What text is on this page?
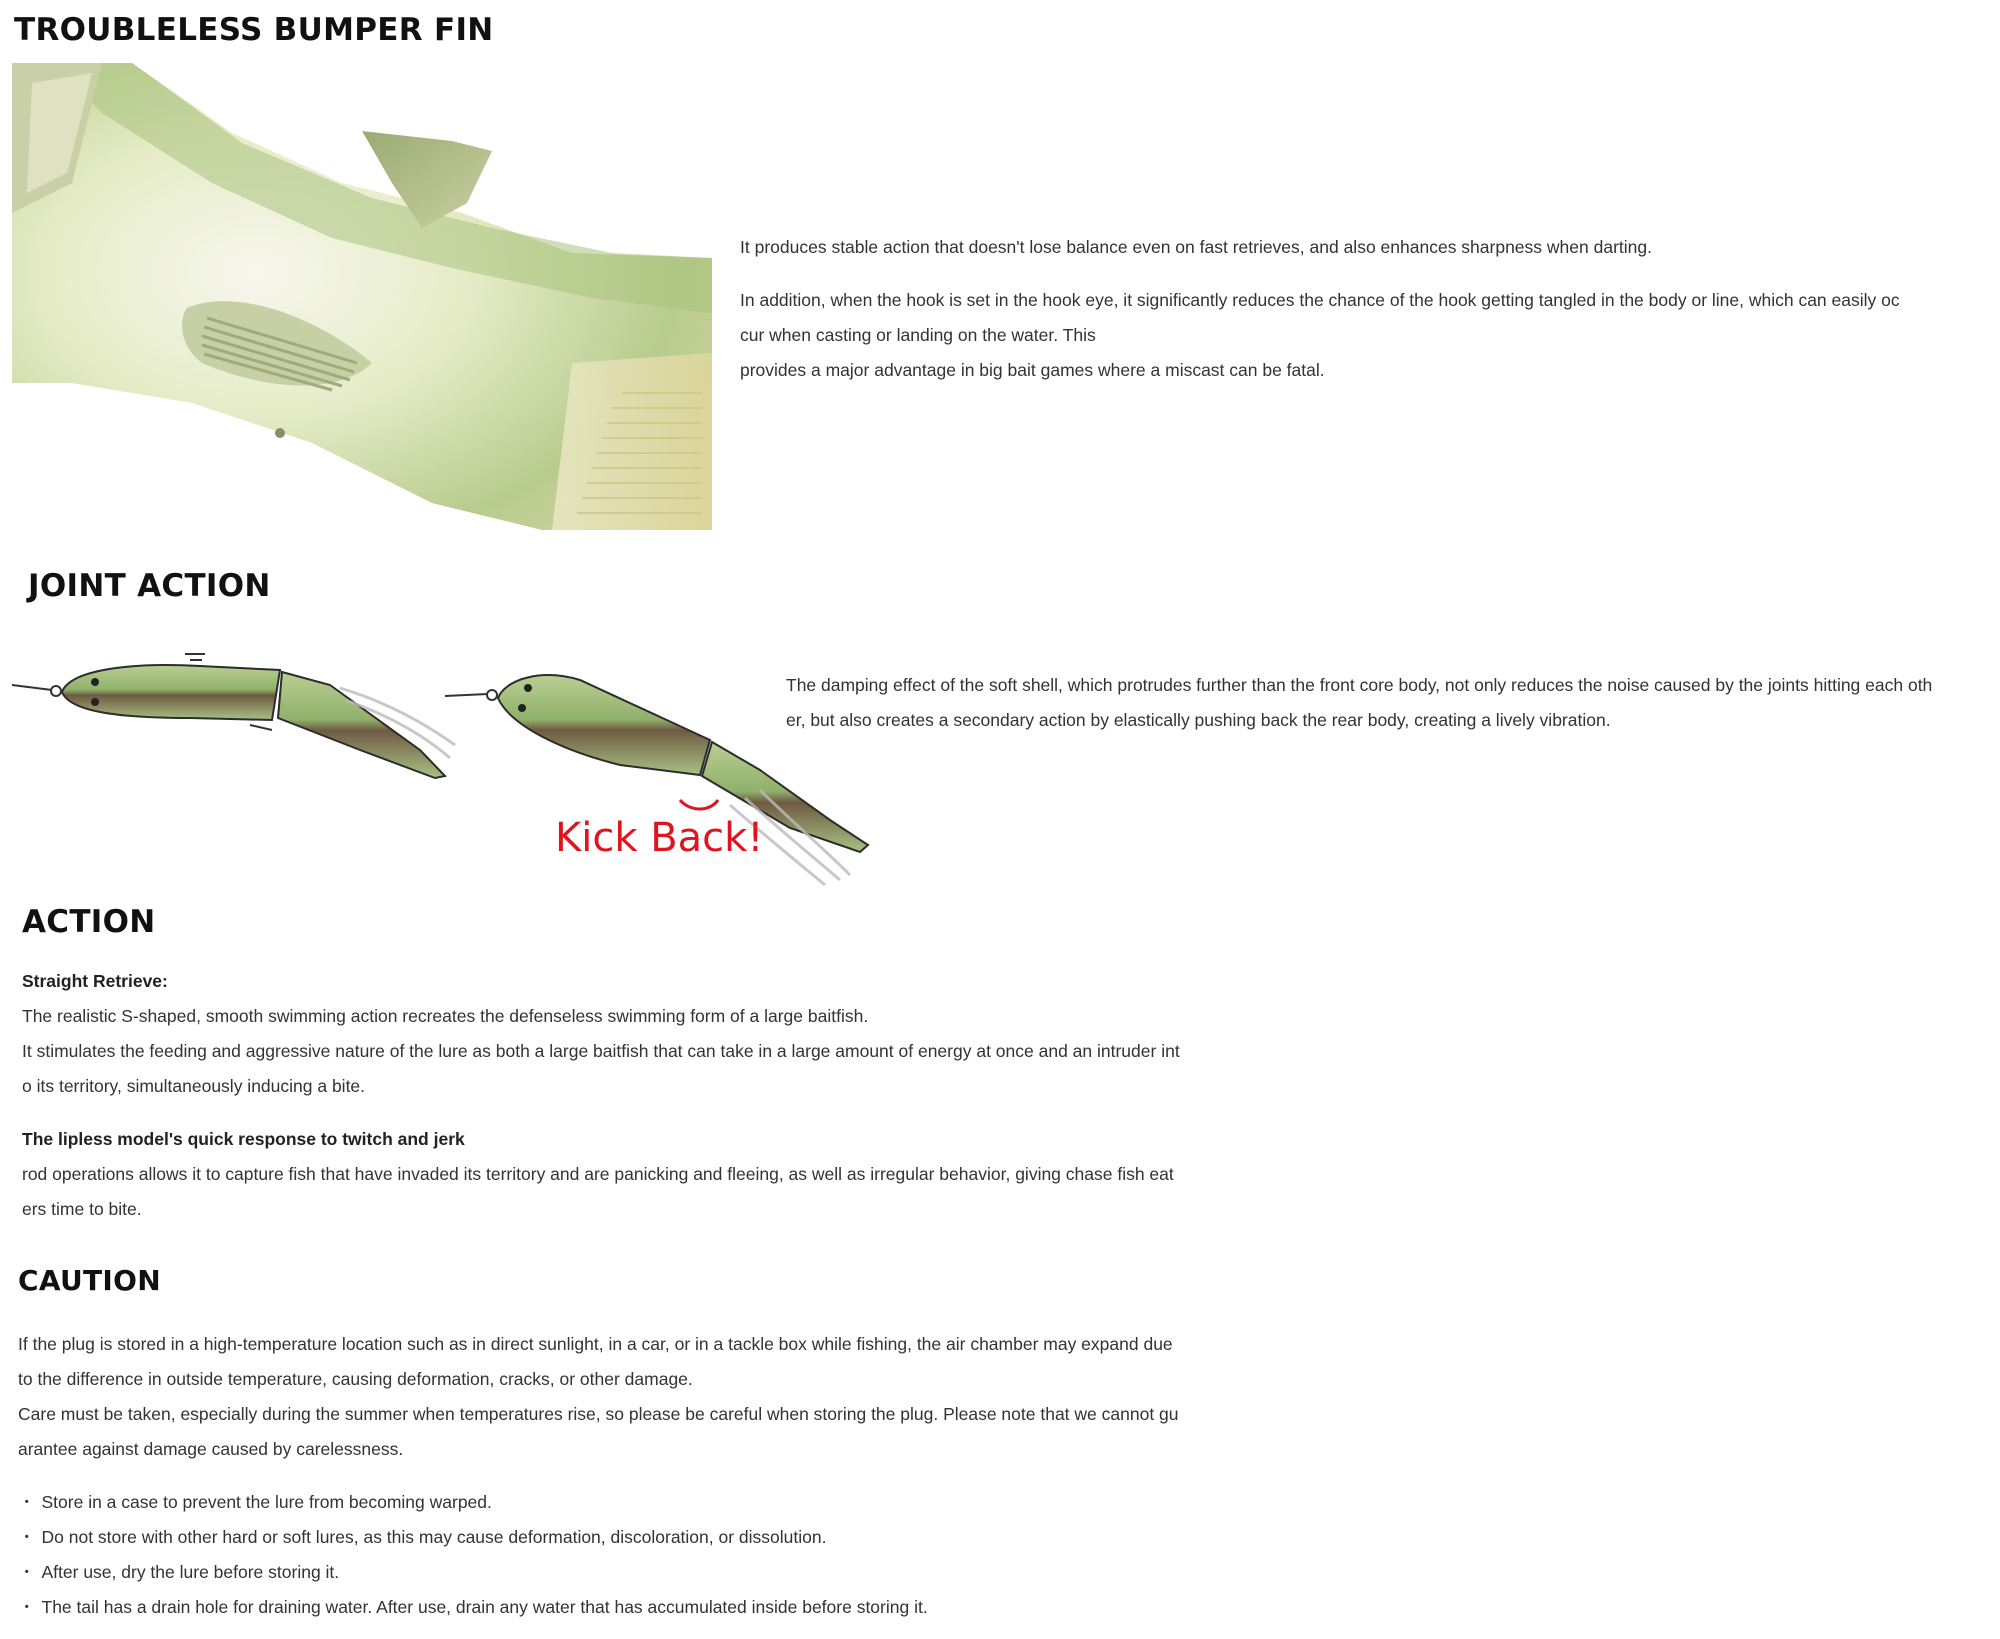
TROUBLELESS BUMPER FIN

It produces stable action that doesn't lose balance even on fast retrieves, and also enhances sharpness when darting.

In addition, when the hook is set in the hook eye, it significantly reduces the chance of the hook getting tangled in the body or line, which can easily oc

cur when casting or landing on the water. This

provides a major advantage in big bait games where a miscast can be fatal.

JOINT ACTION
Kick Back!

The damping effect of the soft shell, which protrudes further than the front core body, not only reduces the noise caused by the joints hitting each oth

er, but also creates a secondary action by elastically pushing back the rear body, creating a lively vibration.

ACTION

Straight Retrieve:

The realistic S-shaped, smooth swimming action recreates the defenseless swimming form of a large baitfish.

It stimulates the feeding and aggressive nature of the lure as both a large baitfish that can take in a large amount of energy at once and an intruder int

o its territory, simultaneously inducing a bite.

The lipless model's quick response to twitch and jerk

rod operations allows it to capture fish that have invaded its territory and are panicking and fleeing, as well as irregular behavior, giving chase fish eat

ers time to bite.

CAUTION

If the plug is stored in a high-temperature location such as in direct sunlight, in a car, or in a tackle box while fishing, the air chamber may expand due

to the difference in outside temperature, causing deformation, cracks, or other damage.

Care must be taken, especially during the summer when temperatures rise, so please be careful when storing the plug. Please note that we cannot gu

arantee against damage caused by carelessness.

・ Store in a case to prevent the lure from becoming warped.
・ Do not store with other hard or soft lures, as this may cause deformation, discoloration, or dissolution.
・ After use, dry the lure before storing it.
・ The tail has a drain hole for draining water. After use, drain any water that has accumulated inside before storing it.
